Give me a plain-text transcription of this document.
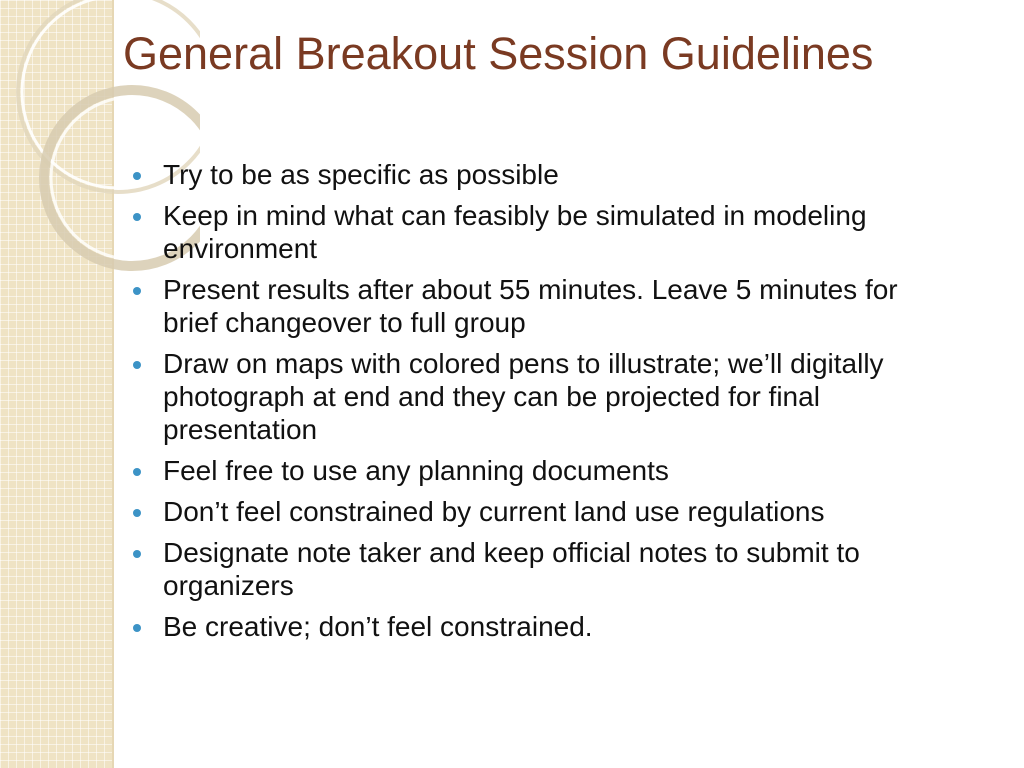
General Breakout Session Guidelines
Try to be as specific as possible
Keep in mind what can feasibly be simulated in modeling environment
Present results after about 55 minutes. Leave 5 minutes for brief changeover to full group
Draw on maps with colored pens to illustrate; we’ll digitally photograph at end and they can be projected for final presentation
Feel free to use any planning documents
Don’t feel constrained by current land use regulations
Designate note taker and keep official notes to submit to organizers
Be creative; don’t feel constrained.
